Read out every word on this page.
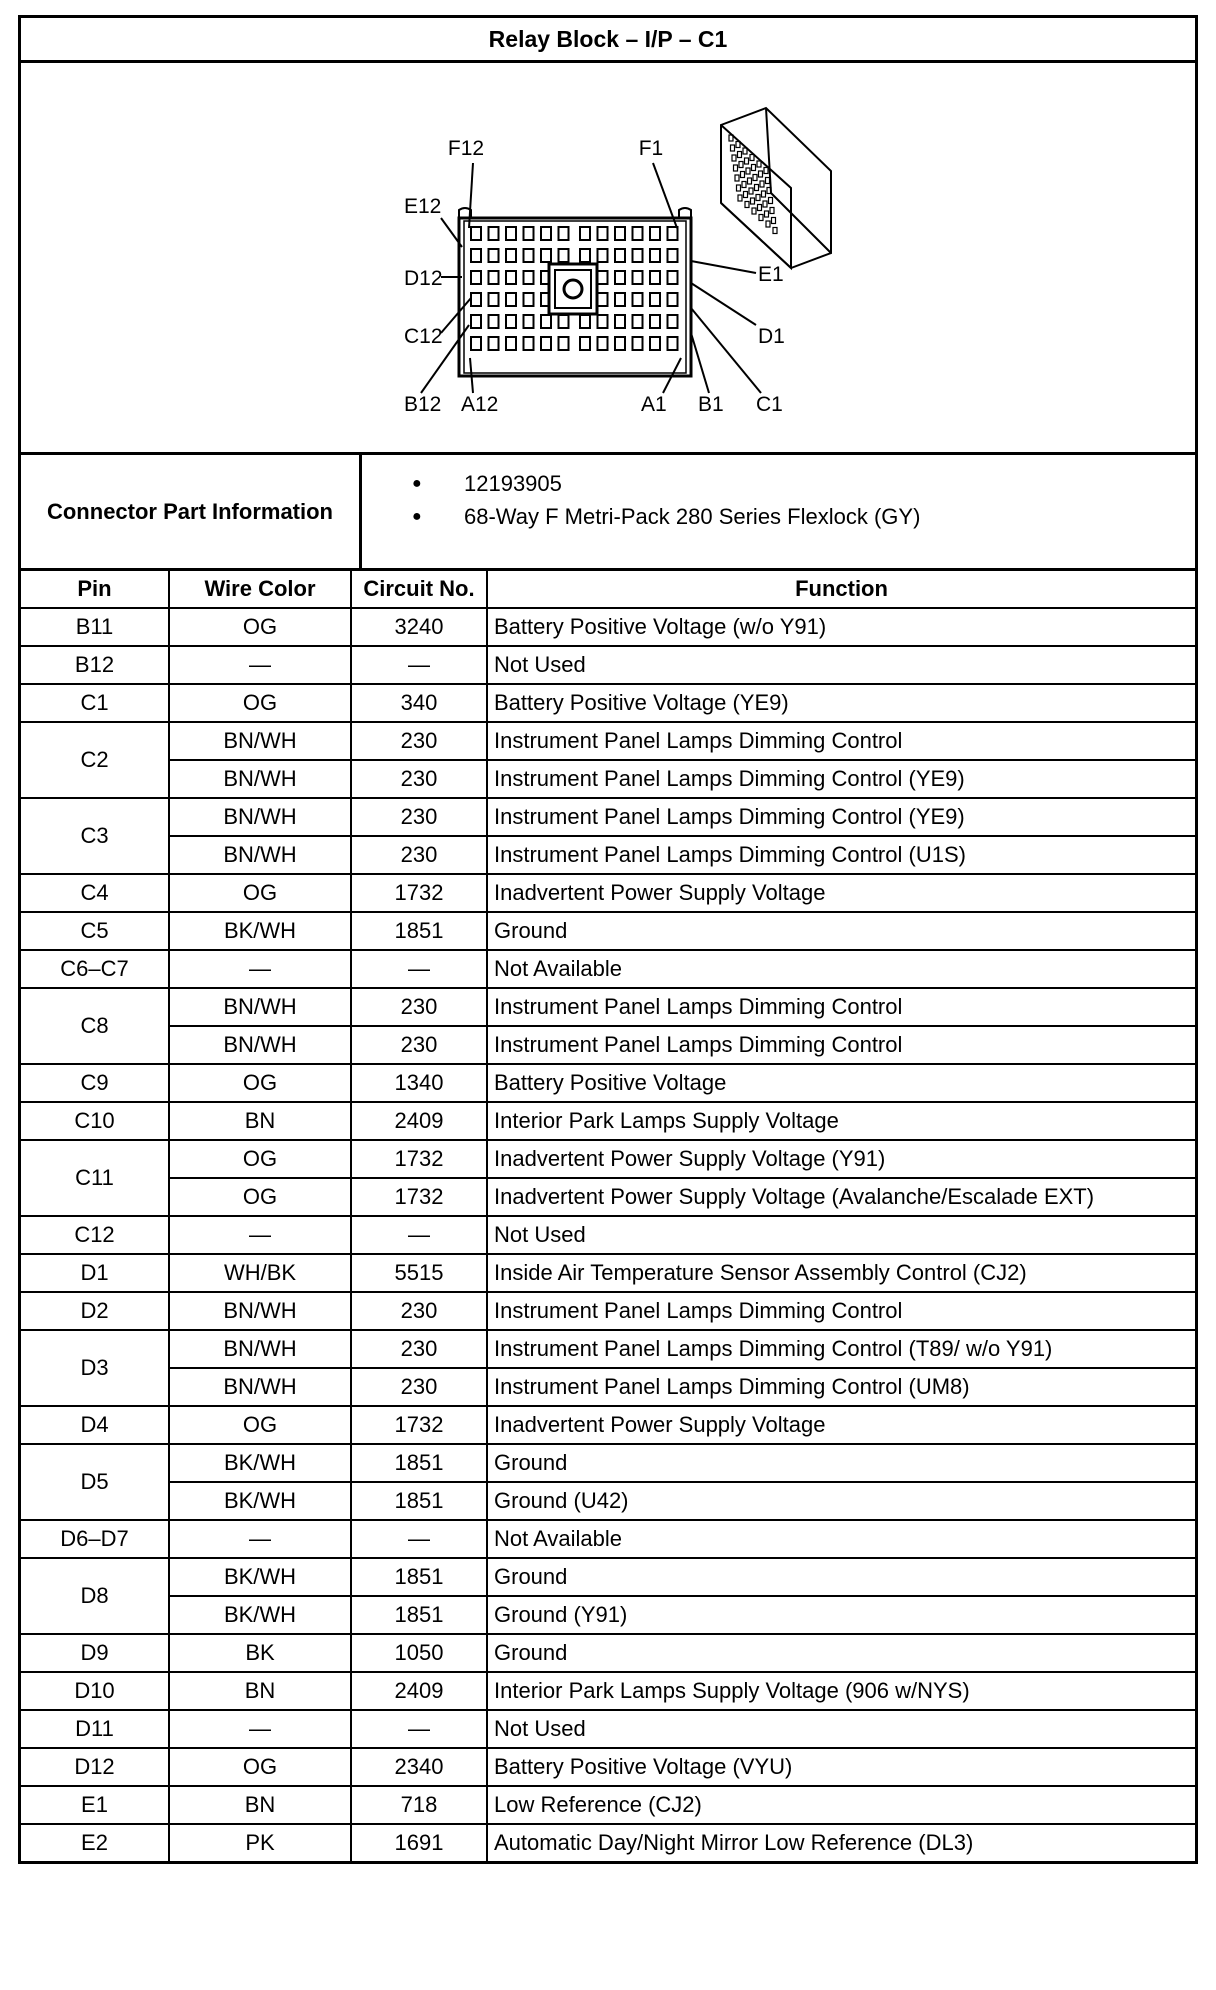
Relay Block – I/P – C1
F12	F1
E12
D12
C12
E1
D1
B12 A12	A1 B1 C1
Connector Part Information
●	12193905
●	68-Way F Metri-Pack 280 Series Flexlock (GY)
Pin	Wire Color	Circuit No.	Function
B11	OG	3240	Battery Positive Voltage (w/o Y91)
B12	—	—	Not Used
C1	OG	340	Battery Positive Voltage (YE9)
C2	BN/WH	230	Instrument Panel Lamps Dimming Control
	BN/WH	230	Instrument Panel Lamps Dimming Control (YE9)
C3	BN/WH	230	Instrument Panel Lamps Dimming Control (YE9)
	BN/WH	230	Instrument Panel Lamps Dimming Control (U1S)
C4	OG	1732	Inadvertent Power Supply Voltage
C5	BK/WH	1851	Ground
C6–C7	—	—	Not Available
C8	BN/WH	230	Instrument Panel Lamps Dimming Control
	BN/WH	230	Instrument Panel Lamps Dimming Control
C9	OG	1340	Battery Positive Voltage
C10	BN	2409	Interior Park Lamps Supply Voltage
C11	OG	1732	Inadvertent Power Supply Voltage (Y91)
	OG	1732	Inadvertent Power Supply Voltage (Avalanche/Escalade EXT)
C12	—	—	Not Used
D1	WH/BK	5515	Inside Air Temperature Sensor Assembly Control (CJ2)
D2	BN/WH	230	Instrument Panel Lamps Dimming Control
D3	BN/WH	230	Instrument Panel Lamps Dimming Control (T89/ w/o Y91)
	BN/WH	230	Instrument Panel Lamps Dimming Control (UM8)
D4	OG	1732	Inadvertent Power Supply Voltage
D5	BK/WH	1851	Ground
	BK/WH	1851	Ground (U42)
D6–D7	—	—	Not Available
D8	BK/WH	1851	Ground
	BK/WH	1851	Ground (Y91)
D9	BK	1050	Ground
D10	BN	2409	Interior Park Lamps Supply Voltage (906 w/NYS)
D11	—	—	Not Used
D12	OG	2340	Battery Positive Voltage (VYU)
E1	BN	718	Low Reference (CJ2)
E2	PK	1691	Automatic Day/Night Mirror Low Reference (DL3)
